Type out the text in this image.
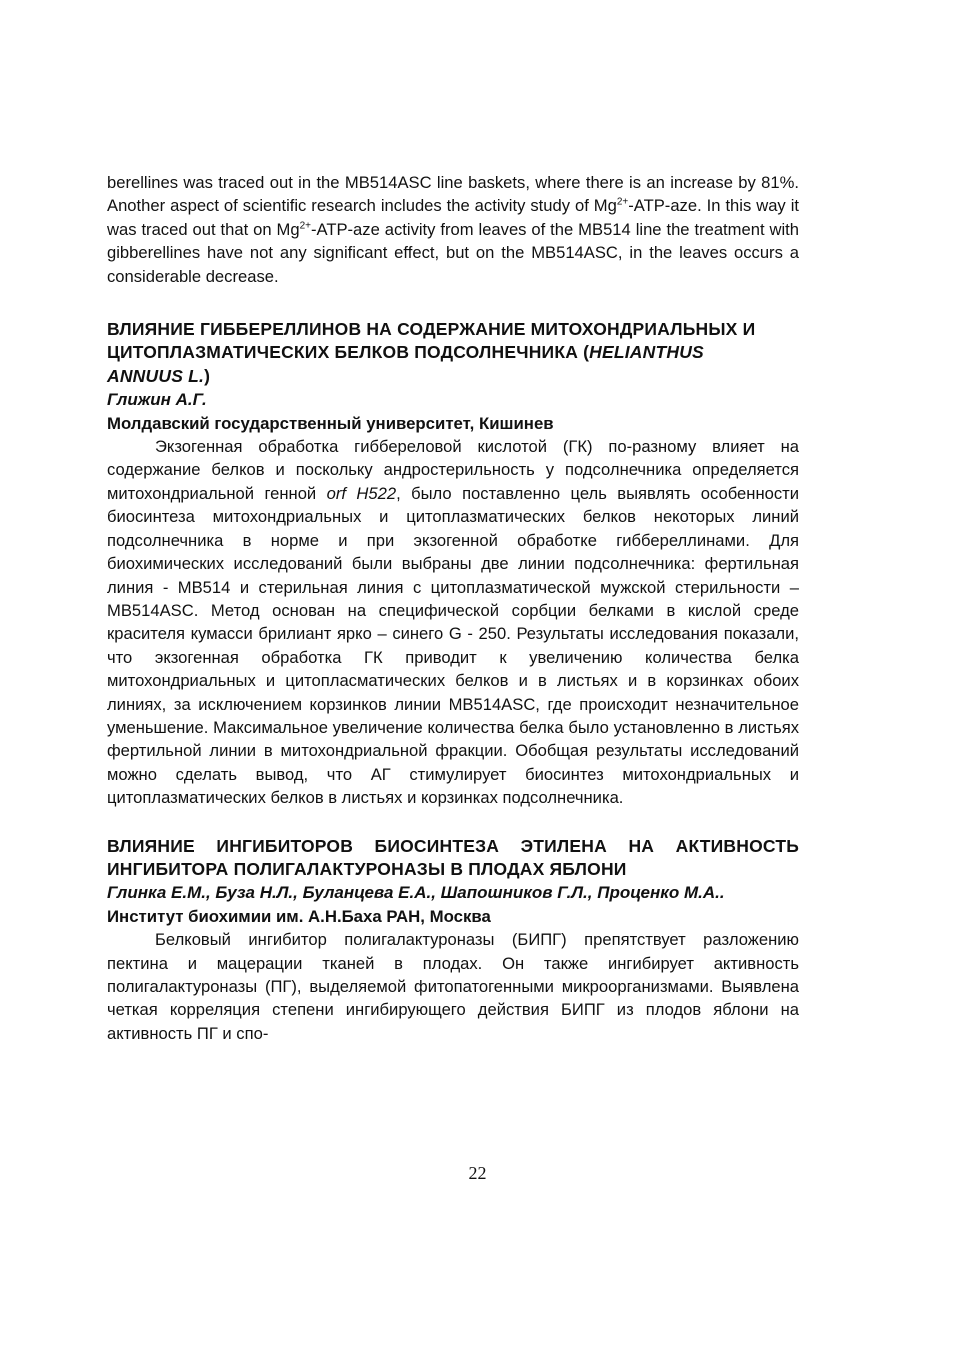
berellines was traced out in the MB514ASC line baskets, where there is an increase by 81%. Another aspect of scientific research includes the activity study of $Mg^{2+}-ATP$-aze. In this way it was traced out that on $Mg^{2+}-ATP$-aze activity from leaves of the MB514 line the treatment with gibberellines have not any significant effect, but on the MB514ASC, in the leaves occurs a considerable decrease.

ВЛИЯНИЕ ГИББЕРЕЛЛИНОВ НА СОДЕРЖАНИЕ МИТОХОНДРИАЛЬНЫХ И ЦИТОПЛАЗМАТИЧЕСКИХ БЕЛКОВ ПОДСОЛНЕЧНИКА (HELIANTHUS ANNUUS L.)

Глижин А.Г.

Молдавский государственный университет, Кишинев

Экзогенная обработка гиббереловой кислотой (ГК) по-разному влияет на содержание белков и поскольку андростерильность у подсолнечника определяется митохондриальной генной orf H522, было поставленно цель выявлять особенности биосинтеза митохондриальных и цитоплазматических белков некоторых линий подсолнечника в норме и при экзогенной обработке гиббереллинами. Для биохимических исследований были выбраны две линии подсолнечника: фертильная линия - MB514 и стерильная линия с цитоплазматической мужской стерильности – MB514ASC. Метод основан на специфической сорбции белками в кислой среде красителя кумасси брилиант ярко – синего G - 250. Результаты исследования показали, что экзогенная обработка ГК приводит к увеличению количества белка митохондриальных и цитопласматических белков и в листьях и в корзинках обоих линиях, за исключением корзинков линии MB514ASC, где происходит незначительное уменьшение. Максимальное увеличение количества белка было установленно в листьях фертильной линии в митохондриальной фракции. Обобщая результаты исследований можно сделать вывод, что АГ стимулирует биосинтез митохондриальных и цитоплазматических белков в листьях и корзинках подсолнечника.

ВЛИЯНИЕ ИНГИБИТОРОВ БИОСИНТЕЗА ЭТИЛЕНА НА АКТИВНОСТЬ ИНГИБИТОРА ПОЛИГАЛАКТУРОНАЗЫ В ПЛОДАХ ЯБЛОНИ

Глинка Е.М., Буза Н.Л., Буланцева Е.А., Шапошников Г.Л., Проценко М.А..

Институт биохимии им. А.Н.Баха РАН, Москва

Белковый ингибитор полигалактуроназы (БИПГ) препятствует разложению пектина и мацерации тканей в плодах. Он также ингибирует активность полигалактуроназы (ПГ), выделяемой фитопатогенными микроорганизмами. Выявлена четкая корреляция степени ингибирующего действия БИПГ из плодов яблони на активность ПГ и спо-

22
